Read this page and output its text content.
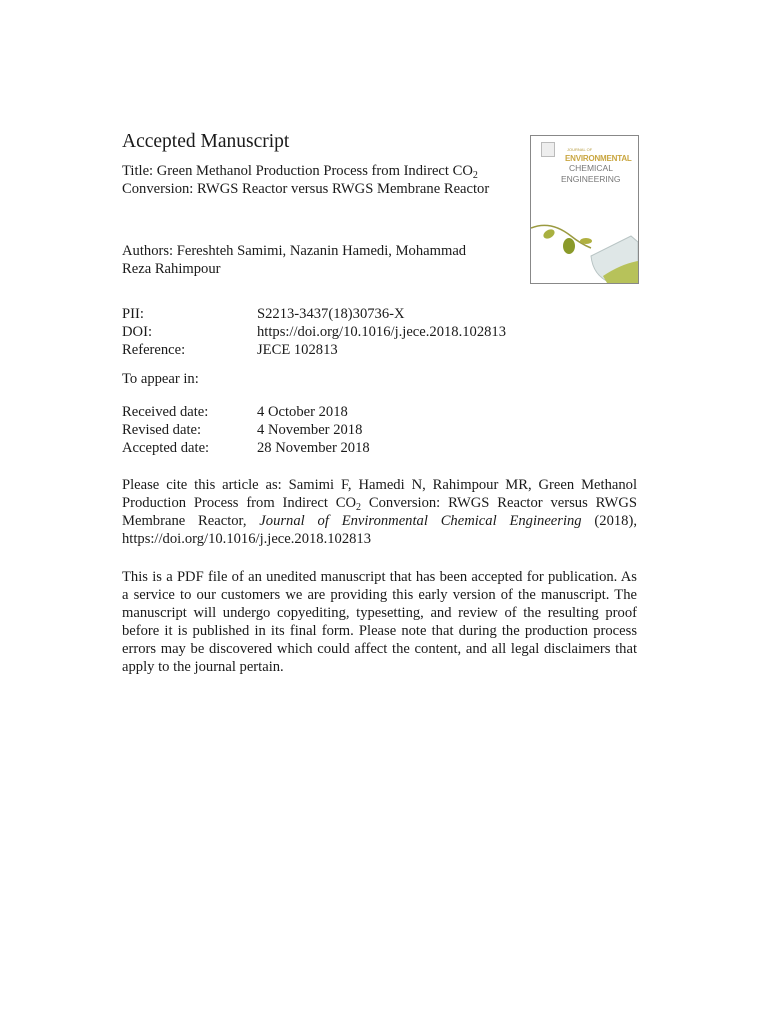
Accepted Manuscript	JOURNAL OF
ENVIRONMENTAL
CHEMICAL
ENGINEERING
Title: Green Methanol Production Process from Indirect $CO_2$ Conversion: RWGS Reactor versus RWGS Membrane Reactor
Authors: Fereshteh Samimi, Nazanin Hamedi, Mohammad Reza Rahimpour
PII:	S2213-3437(18)30736-X
DOI:	https://doi.org/10.1016/j.jece.2018.102813
Reference:	JECE 102813
To appear in:
Received date:	4 October 2018
Revised date:	4 November 2018
Accepted date:	28 November 2018
Please cite this article as: Samimi F, Hamedi N, Rahimpour MR, Green Methanol Production Process from Indirect $CO_2$ Conversion: RWGS Reactor versus RWGS Membrane Reactor, Journal of Environmental Chemical Engineering (2018), https://doi.org/10.1016/j.jece.2018.102813
This is a PDF file of an unedited manuscript that has been accepted for publication. As a service to our customers we are providing this early version of the manuscript. The manuscript will undergo copyediting, typesetting, and review of the resulting proof before it is published in its final form. Please note that during the production process errors may be discovered which could affect the content, and all legal disclaimers that apply to the journal pertain.
